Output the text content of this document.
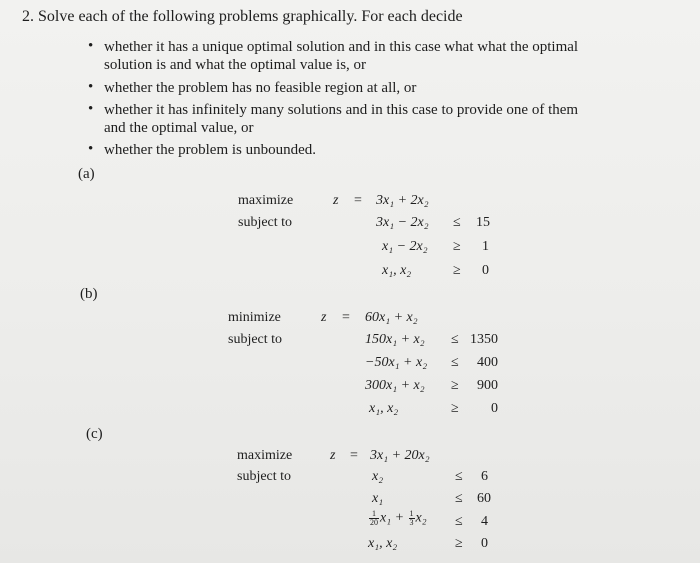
2. Solve each of the following problems graphically. For each decide
• whether it has a unique optimal solution and in this case what what the optimal
solution is and what the optimal value is, or
• whether the problem has no feasible region at all, or
• whether it has infinitely many solutions and in this case to provide one of them
and the optimal value, or
• whether the problem is unbounded.
(a)
maximize	z = 3x₁ + 2x₂
subject to	3x₁ − 2x₂ ≤ 15
x₁ − 2x₂ ≥ 1
x₁, x₂	≥ 0
(b)
minimize	z = 60x₁ + x₂
subject to	150x₁ + x₂ ≤ 1350
−50x₁ + x₂ ≤ 400
300x₁ + x₂ ≥ 900
x₁, x₂	≥ 0
(c)
maximize	z = 3x₁ + 20x₂
subject to	x₂	≤ 6
x₁	≤ 60
$\frac{1}{20} x_1 + \frac{1}{3} x_2 \le 4$
x₁, x₂	≥ 0
